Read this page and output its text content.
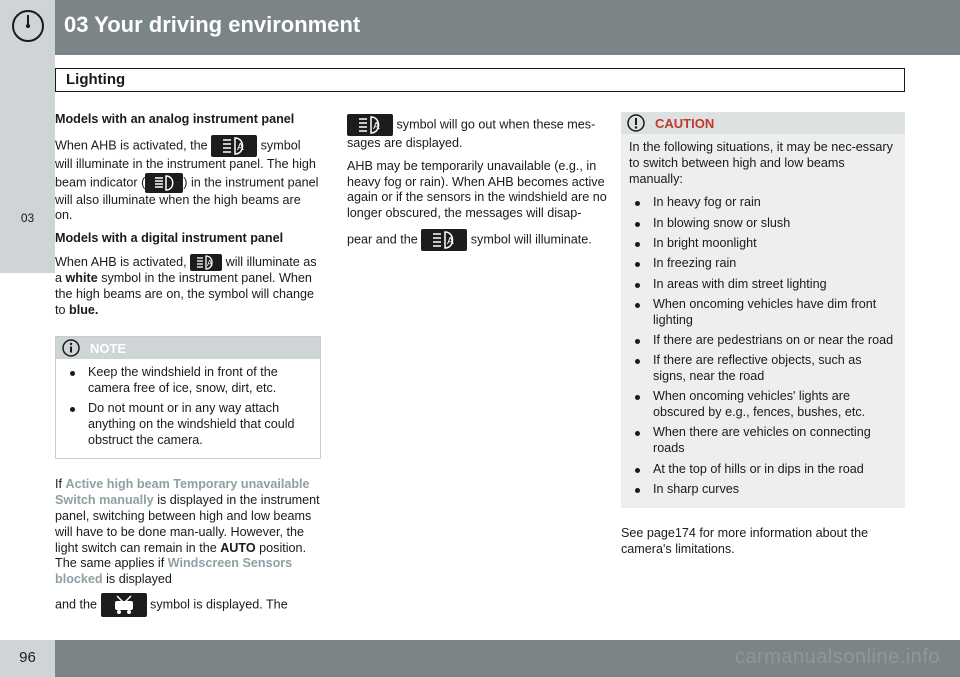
03 Your driving environment
Lighting
03

Models with an analog instrument panel

When AHB is activated, the	A symbol will illuminate in the instrument panel. The high beam indicator (	) in the instrument panel will also illuminate when the high beams are on.

Models with a digital instrument panel

When AHB is activated,	A will illuminate as a white symbol in the instrument panel. When the high beams are on, the symbol will change to blue.

NOTE
Keep the windshield in front of the camera free of ice, snow, dirt, etc.
Do not mount or in any way attach anything on the windshield that could obstruct the camera.

If Active high beam Temporary unavailable Switch manually is displayed in the instrument panel, switching between high and low beams will have to be done man-ually. However, the light switch can remain in the AUTO position. The same applies if Windscreen Sensors blocked is displayed

and the	symbol is displayed. The

A symbol will go out when these mes-sages are displayed.

AHB may be temporarily unavailable (e.g., in heavy fog or rain). When AHB becomes active again or if the sensors in the windshield are no longer obscured, the messages will disap-

pear and the	A symbol will illuminate.

CAUTION

In the following situations, it may be nec-essary to switch between high and low beams manually:

In heavy fog or rain
In blowing snow or slush
In bright moonlight
In freezing rain
In areas with dim street lighting
When oncoming vehicles have dim front lighting
If there are pedestrians on or near the road
If there are reflective objects, such as signs, near the road
When oncoming vehicles' lights are obscured by e.g., fences, bushes, etc.
When there are vehicles on connecting roads
At the top of hills or in dips in the road
In sharp curves

See page174 for more information about the camera's limitations.

96	carmanualsonline.info
